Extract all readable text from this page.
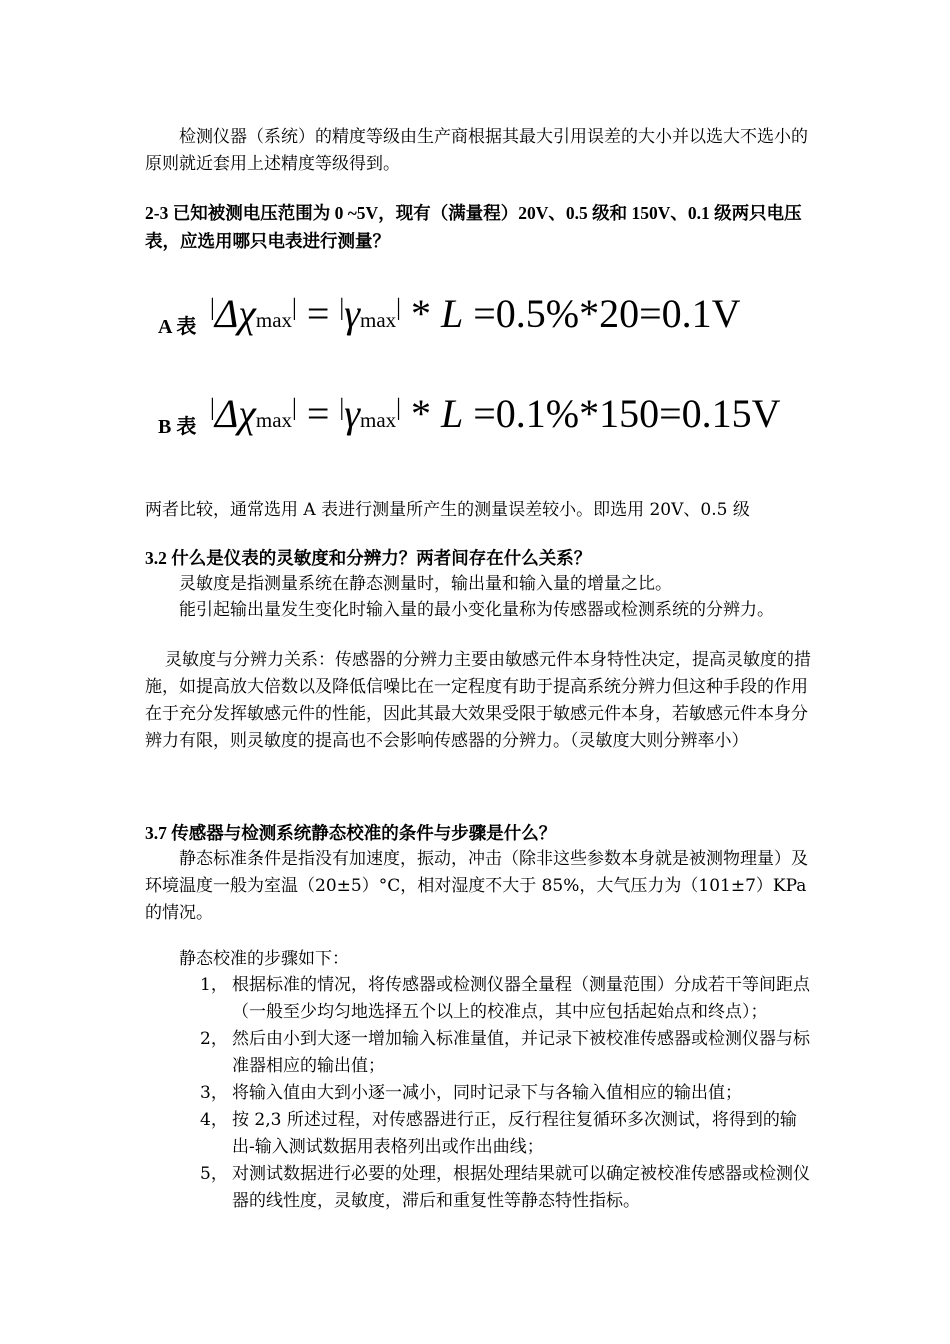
检测仪器（系统）的精度等级由生产商根据其最大引用误差的大小并以选大不选小的原则就近套用上述精度等级得到。

2-3 已知被测电压范围为 0 ~5V，现有（满量程）20V、0.5 级和 150V、0.1 级两只电压表，应选用哪只电表进行测量？

A 表
|Δχmax| = |γmax| * L =0.5%*20=0.1V
B 表
|Δχmax| = |γmax| * L =0.1%*150=0.15V

两者比较，通常选用 A 表进行测量所产生的测量误差较小。即选用 20V、0.5 级

3.2 什么是仪表的灵敏度和分辨力？两者间存在什么关系？

灵敏度是指测量系统在静态测量时，输出量和输入量的增量之比。

能引起输出量发生变化时输入量的最小变化量称为传感器或检测系统的分辨力。

灵敏度与分辨力关系：传感器的分辨力主要由敏感元件本身特性决定，提高灵敏度的措施，如提高放大倍数以及降低信噪比在一定程度有助于提高系统分辨力但这种手段的作用在于充分发挥敏感元件的性能，因此其最大效果受限于敏感元件本身，若敏感元件本身分辨力有限，则灵敏度的提高也不会影响传感器的分辨力。（灵敏度大则分辨率小）

3.7 传感器与检测系统静态校准的条件与步骤是什么？

静态标准条件是指没有加速度，振动，冲击（除非这些参数本身就是被测物理量）及环境温度一般为室温（20±5）°C，相对湿度不大于 85%，大气压力为（101±7）KPa 的情况。

静态校准的步骤如下：

1， 根据标准的情况，将传感器或检测仪器全量程（测量范围）分成若干等间距点（一般至少均匀地选择五个以上的校准点，其中应包括起始点和终点）；
2， 然后由小到大逐一增加输入标准量值，并记录下被校准传感器或检测仪器与标准器相应的输出值；
3， 将输入值由大到小逐一减小，同时记录下与各输入值相应的输出值；
4， 按 2,3 所述过程，对传感器进行正，反行程往复循环多次测试，将得到的输出-输入测试数据用表格列出或作出曲线；
5， 对测试数据进行必要的处理，根据处理结果就可以确定被校准传感器或检测仪器的线性度，灵敏度，滞后和重复性等静态特性指标。
